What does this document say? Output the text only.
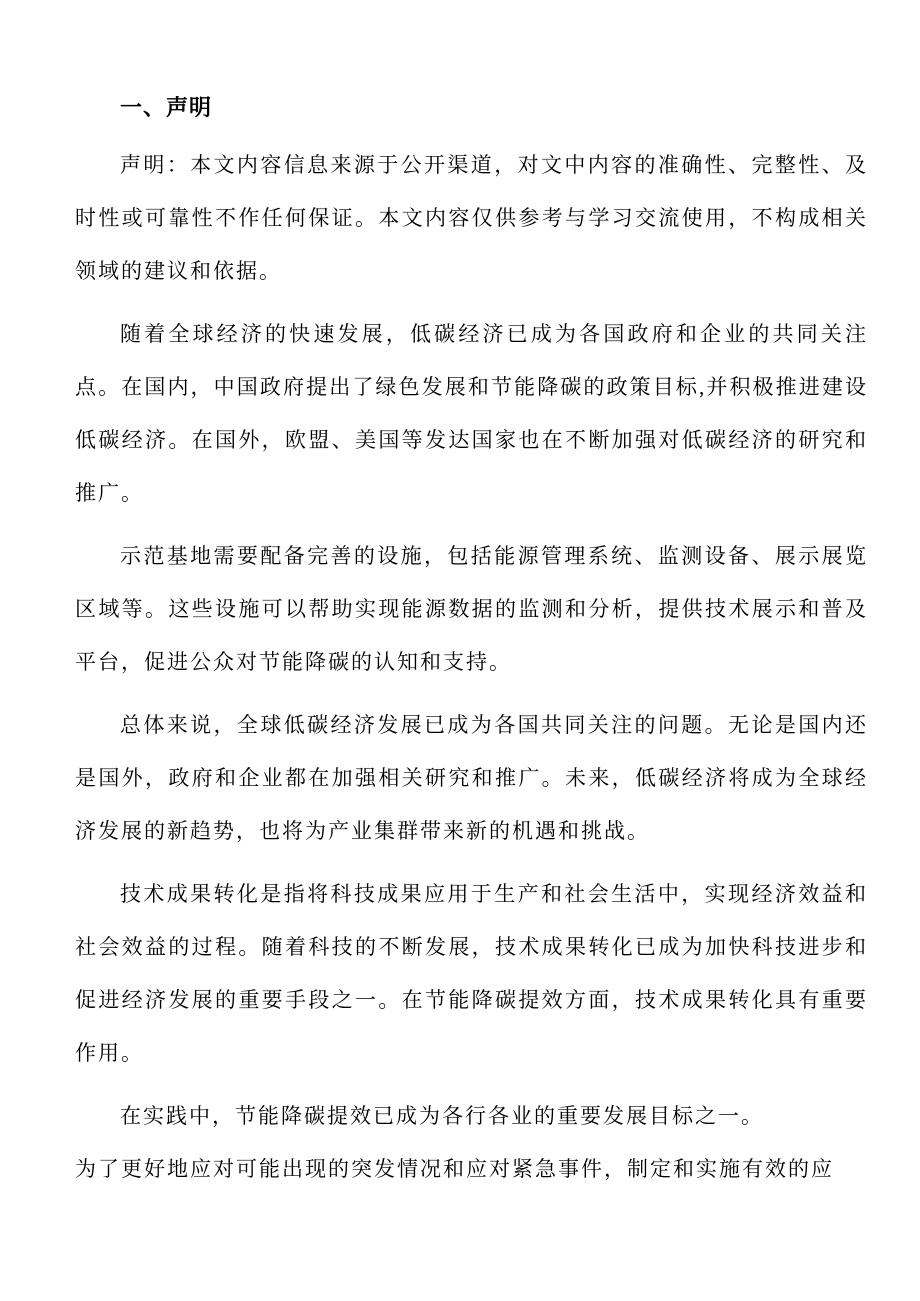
一、声明

声明：本文内容信息来源于公开渠道，对文中内容的准确性、完整性、及时性或可靠性不作任何保证。本文内容仅供参考与学习交流使用，不构成相关领域的建议和依据。

随着全球经济的快速发展，低碳经济已成为各国政府和企业的共同关注点。在国内，中国政府提出了绿色发展和节能降碳的政策目标,并积极推进建设低碳经济。在国外，欧盟、美国等发达国家也在不断加强对低碳经济的研究和推广。

示范基地需要配备完善的设施，包括能源管理系统、监测设备、展示展览区域等。这些设施可以帮助实现能源数据的监测和分析，提供技术展示和普及平台，促进公众对节能降碳的认知和支持。

总体来说，全球低碳经济发展已成为各国共同关注的问题。无论是国内还是国外，政府和企业都在加强相关研究和推广。未来，低碳经济将成为全球经济发展的新趋势，也将为产业集群带来新的机遇和挑战。

技术成果转化是指将科技成果应用于生产和社会生活中，实现经济效益和社会效益的过程。随着科技的不断发展，技术成果转化已成为加快科技进步和促进经济发展的重要手段之一。在节能降碳提效方面，技术成果转化具有重要作用。

在实践中，节能降碳提效已成为各行各业的重要发展目标之一。

为了更好地应对可能出现的突发情况和应对紧急事件，制定和实施有效的应
